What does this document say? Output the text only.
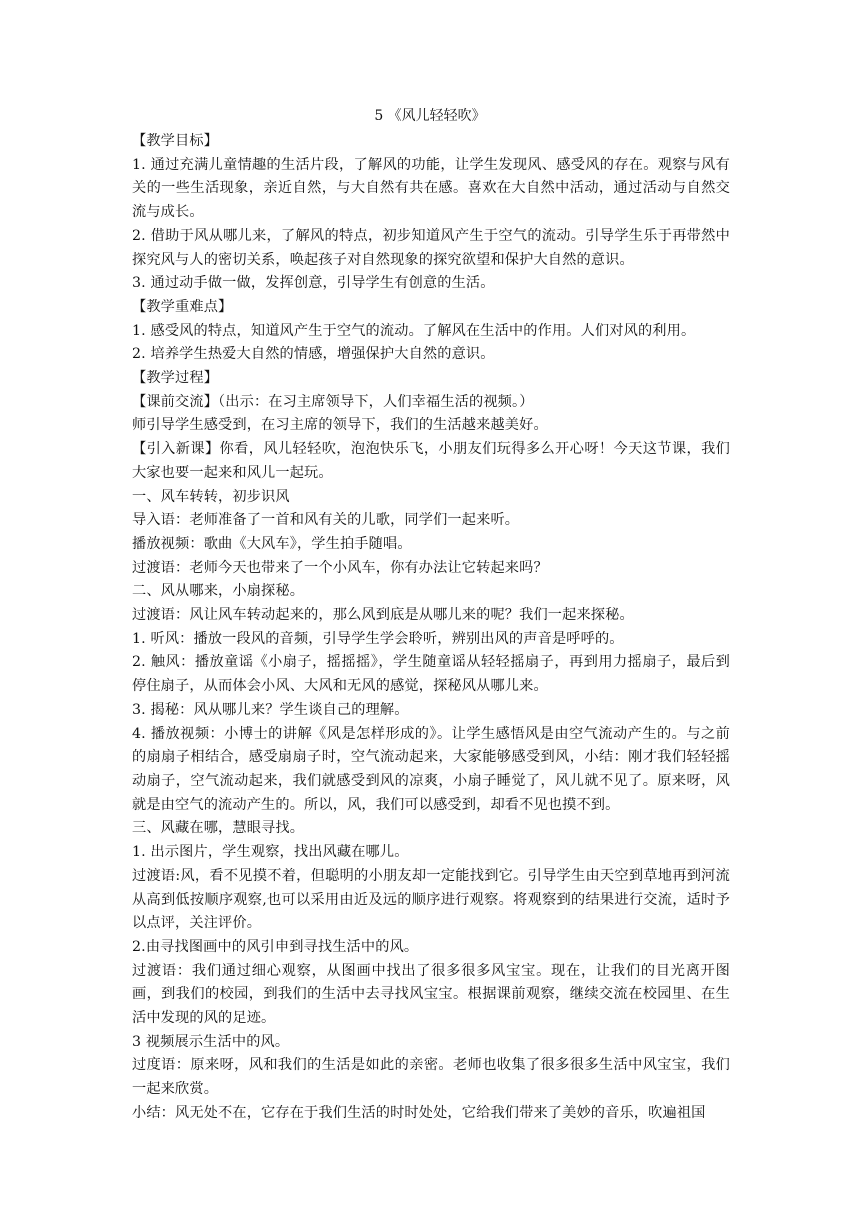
5 《风儿轻轻吹》

【教学目标】

1. 通过充满儿童情趣的生活片段，了解风的功能，让学生发现风、感受风的存在。观察与风有关的一些生活现象，亲近自然，与大自然有共在感。喜欢在大自然中活动，通过活动与自然交流与成长。

2. 借助于风从哪儿来，了解风的特点，初步知道风产生于空气的流动。引导学生乐于再带然中探究风与人的密切关系，唤起孩子对自然现象的探究欲望和保护大自然的意识。

3. 通过动手做一做，发挥创意，引导学生有创意的生活。

【教学重难点】

1. 感受风的特点，知道风产生于空气的流动。了解风在生活中的作用。人们对风的利用。

2. 培养学生热爱大自然的情感，增强保护大自然的意识。

【教学过程】

【课前交流】（出示：在习主席领导下，人们幸福生活的视频。）

师引导学生感受到，在习主席的领导下，我们的生活越来越美好。

【引入新课】你看，风儿轻轻吹，泡泡快乐飞，小朋友们玩得多么开心呀！今天这节课，我们大家也要一起来和风儿一起玩。

一、风车转转，初步识风

导入语：老师准备了一首和风有关的儿歌，同学们一起来听。

播放视频：歌曲《大风车》，学生拍手随唱。

过渡语：老师今天也带来了一个小风车，你有办法让它转起来吗？

二、风从哪来，小扇探秘。

过渡语：风让风车转动起来的，那么风到底是从哪儿来的呢？我们一起来探秘。

1. 听风：播放一段风的音频，引导学生学会聆听，辨别出风的声音是呼呼的。

2. 触风：播放童谣《小扇子，摇摇摇》，学生随童谣从轻轻摇扇子，再到用力摇扇子，最后到停住扇子，从而体会小风、大风和无风的感觉，探秘风从哪儿来。

3. 揭秘：风从哪儿来？学生谈自己的理解。

4. 播放视频：小博士的讲解《风是怎样形成的》。让学生感悟风是由空气流动产生的。与之前的扇扇子相结合，感受扇扇子时，空气流动起来，大家能够感受到风，小结：刚才我们轻轻摇动扇子，空气流动起来，我们就感受到风的凉爽，小扇子睡觉了，风儿就不见了。原来呀，风就是由空气的流动产生的。所以，风，我们可以感受到，却看不见也摸不到。

三、风藏在哪，慧眼寻找。

1. 出示图片，学生观察，找出风藏在哪儿。

过渡语:风，看不见摸不着，但聪明的小朋友却一定能找到它。引导学生由天空到草地再到河流从高到低按顺序观察,也可以采用由近及远的顺序进行观察。将观察到的结果进行交流，适时予以点评，关注评价。

2.由寻找图画中的风引申到寻找生活中的风。

过渡语：我们通过细心观察，从图画中找出了很多很多风宝宝。现在，让我们的目光离开图画，到我们的校园，到我们的生活中去寻找风宝宝。根据课前观察，继续交流在校园里、在生活中发现的风的足迹。

3 视频展示生活中的风。

过度语：原来呀，风和我们的生活是如此的亲密。老师也收集了很多很多生活中风宝宝，我们一起来欣赏。

小结：风无处不在，它存在于我们生活的时时处处，它给我们带来了美妙的音乐，吹遍祖国
